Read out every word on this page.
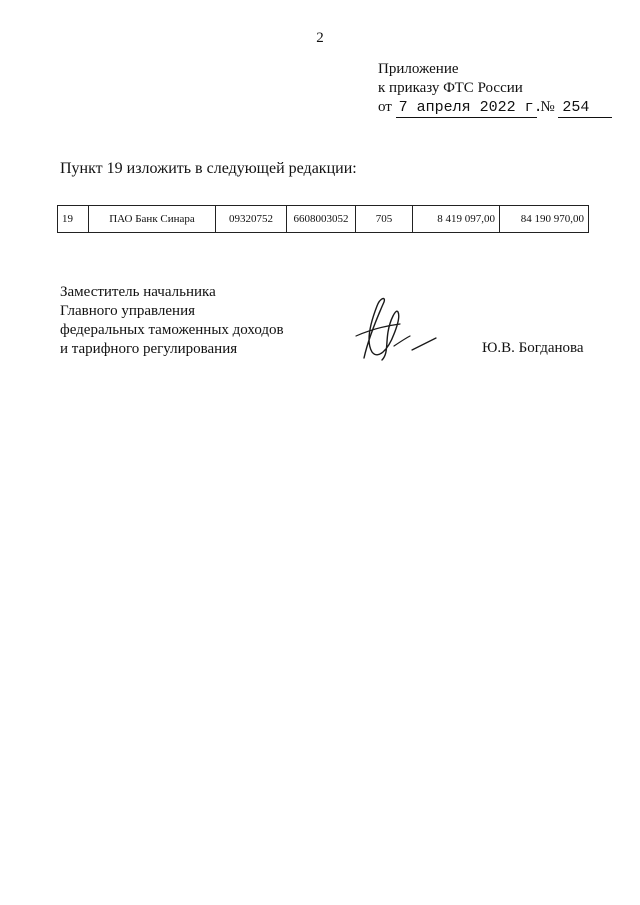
2
Приложение
к приказу ФТС России
от 7 апреля 2022 г. № 254
Пункт 19 изложить в следующей редакции:
19	ПАО Банк Синара	09320752	6608003052	705	8 419 097,00	84 190 970,00
Заместитель начальника
Главного управления
федеральных таможенных доходов
и тарифного регулирования	Ю.В. Богданова
